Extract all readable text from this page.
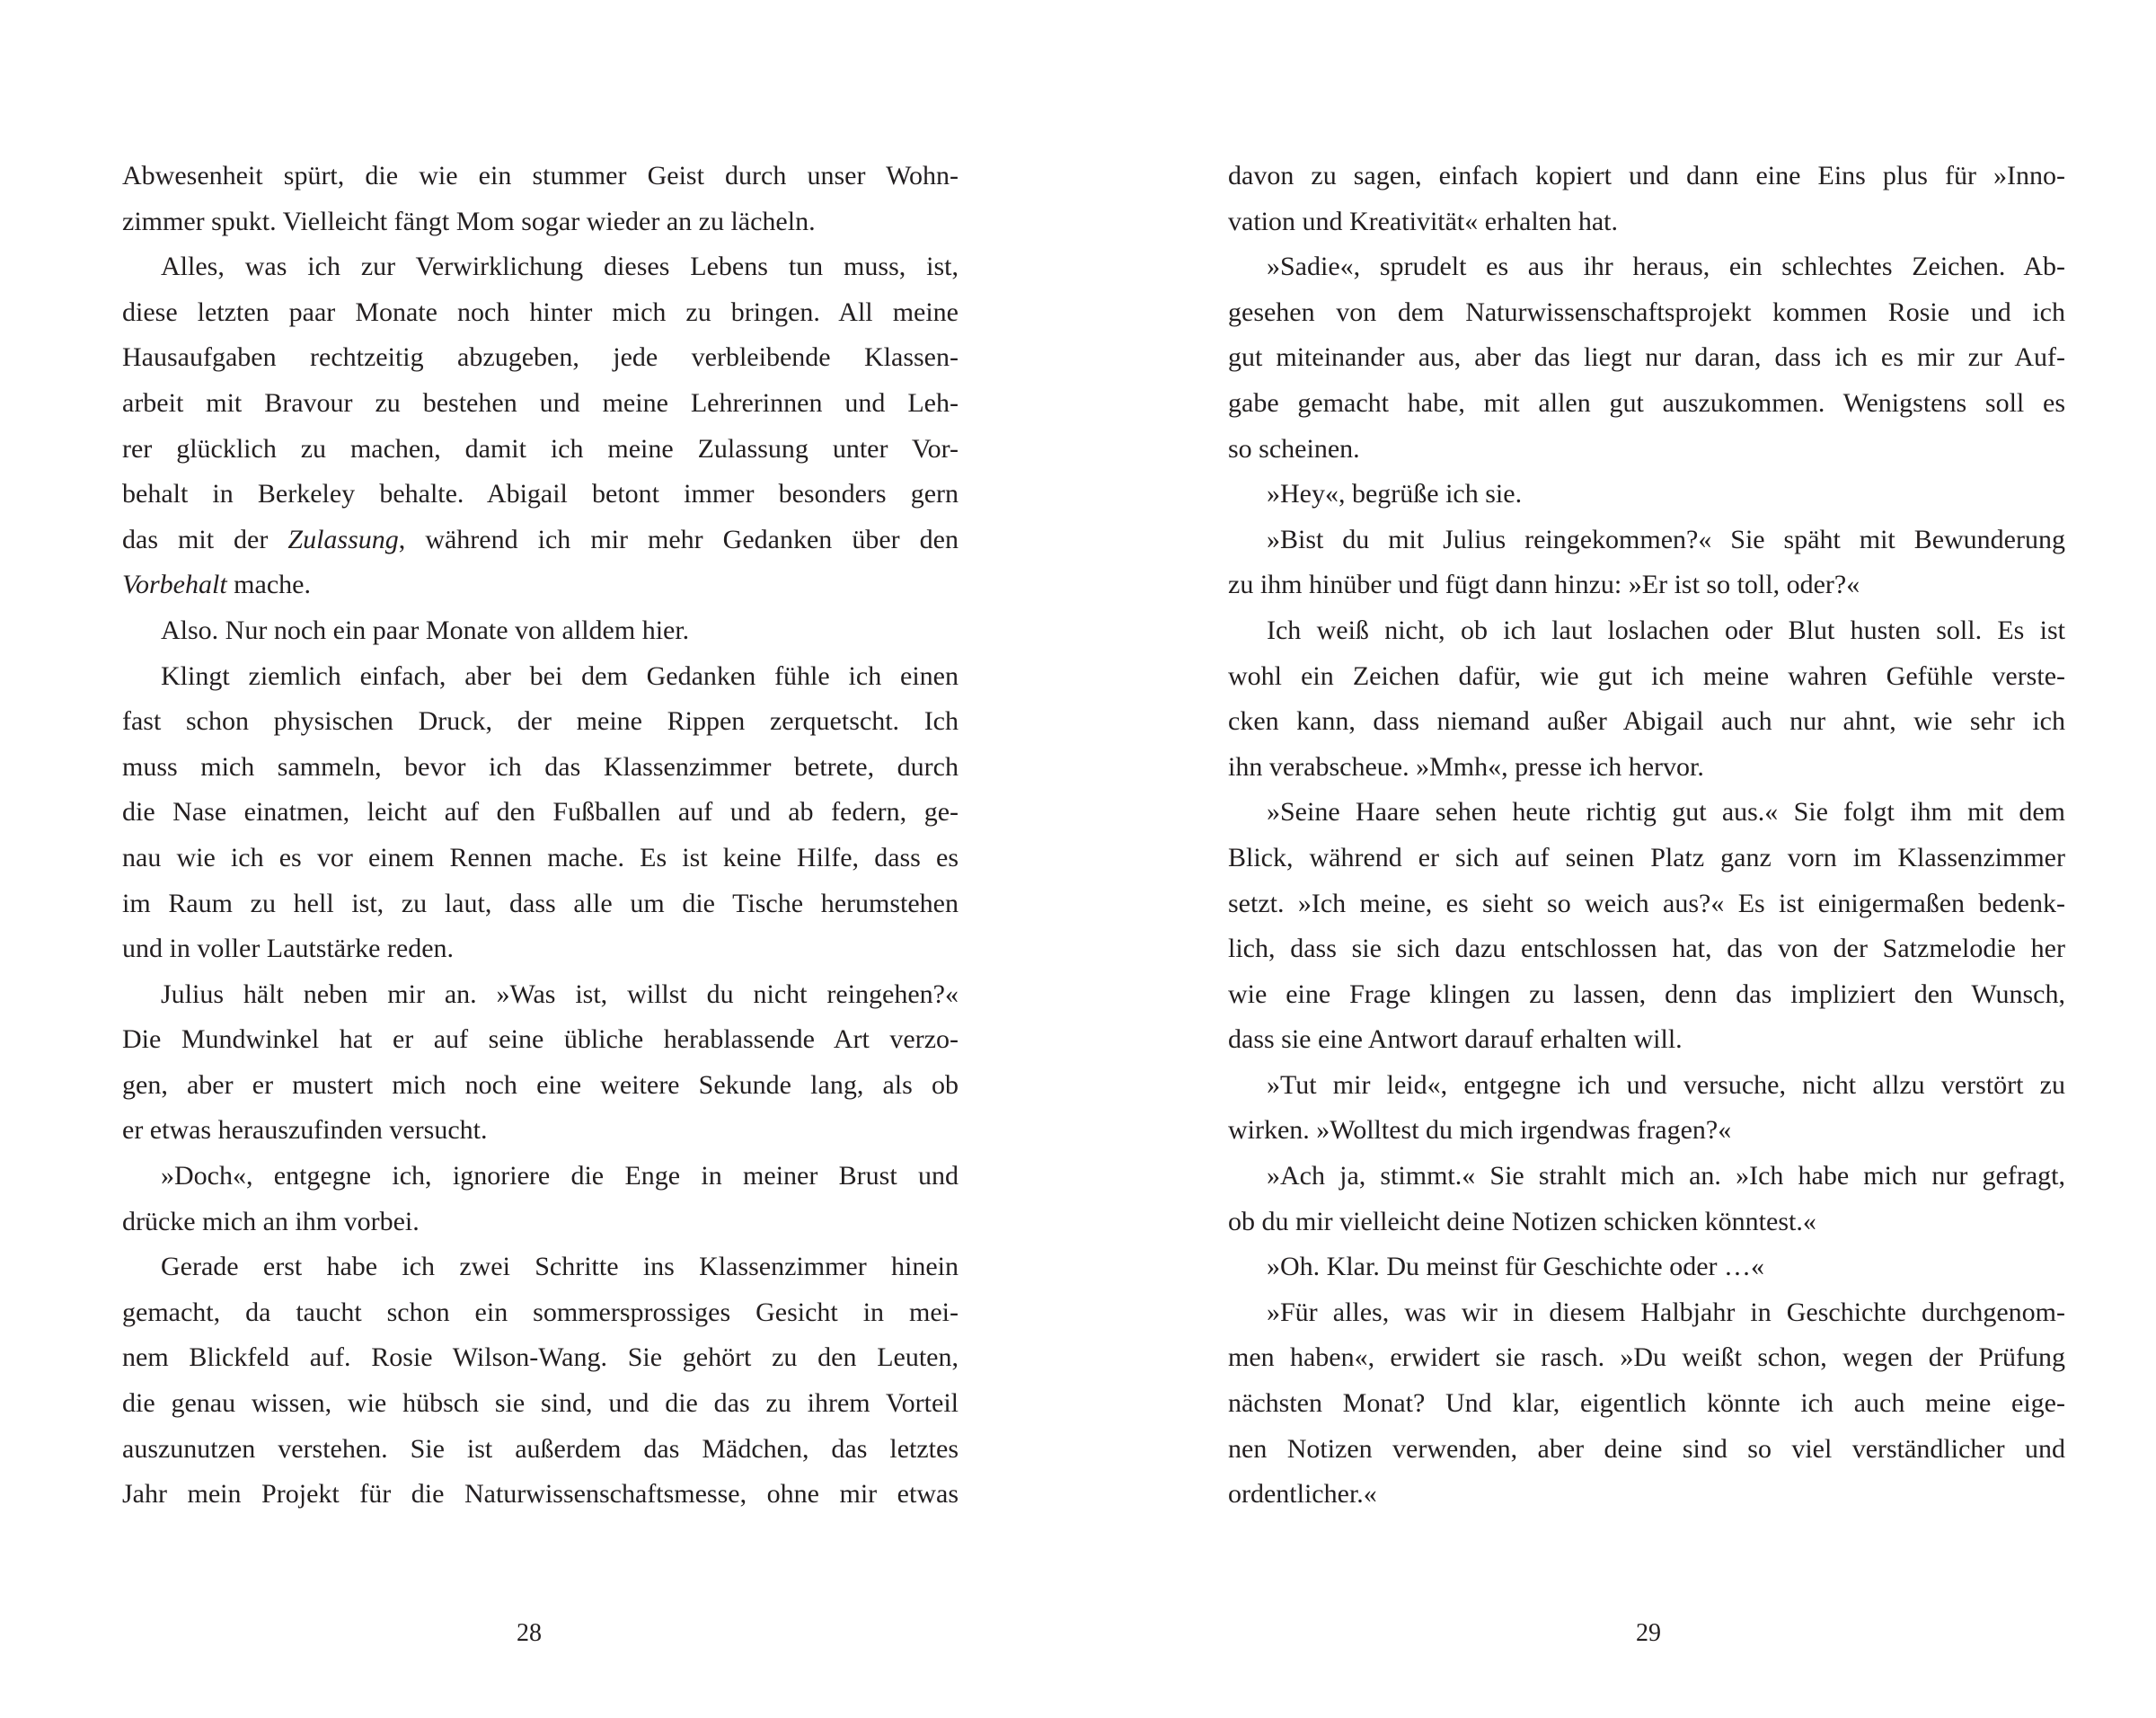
Abwesenheit spürt, die wie ein stummer Geist durch unser Wohn-
zimmer spukt. Vielleicht fängt Mom sogar wieder an zu lächeln.
Alles, was ich zur Verwirklichung dieses Lebens tun muss, ist,
diese letzten paar Monate noch hinter mich zu bringen. All meine
Hausaufgaben rechtzeitig abzugeben, jede verbleibende Klassen-
arbeit mit Bravour zu bestehen und meine Lehrerinnen und Leh-
rer glücklich zu machen, damit ich meine Zulassung unter Vor-
behalt in Berkeley behalte. Abigail betont immer besonders gern
das mit der Zulassung, während ich mir mehr Gedanken über den
Vorbehalt mache.
Also. Nur noch ein paar Monate von alldem hier.
Klingt ziemlich einfach, aber bei dem Gedanken fühle ich einen
fast schon physischen Druck, der meine Rippen zerquetscht. Ich
muss mich sammeln, bevor ich das Klassenzimmer betrete, durch
die Nase einatmen, leicht auf den Fußballen auf und ab federn, ge-
nau wie ich es vor einem Rennen mache. Es ist keine Hilfe, dass es
im Raum zu hell ist, zu laut, dass alle um die Tische herumstehen
und in voller Lautstärke reden.
Julius hält neben mir an. »Was ist, willst du nicht reingehen?«
Die Mundwinkel hat er auf seine übliche herablassende Art verzo-
gen, aber er mustert mich noch eine weitere Sekunde lang, als ob
er etwas herauszufinden versucht.
»Doch«, entgegne ich, ignoriere die Enge in meiner Brust und
drücke mich an ihm vorbei.
Gerade erst habe ich zwei Schritte ins Klassenzimmer hinein
gemacht, da taucht schon ein sommersprossiges Gesicht in mei-
nem Blickfeld auf. Rosie Wilson-Wang. Sie gehört zu den Leuten,
die genau wissen, wie hübsch sie sind, und die das zu ihrem Vorteil
auszunutzen verstehen. Sie ist außerdem das Mädchen, das letztes
Jahr mein Projekt für die Naturwissenschaftsmesse, ohne mir etwas
davon zu sagen, einfach kopiert und dann eine Eins plus für »Inno-
vation und Kreativität« erhalten hat.
»Sadie«, sprudelt es aus ihr heraus, ein schlechtes Zeichen. Ab-
gesehen von dem Naturwissenschaftsprojekt kommen Rosie und ich
gut miteinander aus, aber das liegt nur daran, dass ich es mir zur Auf-
gabe gemacht habe, mit allen gut auszukommen. Wenigstens soll es
so scheinen.
»Hey«, begrüße ich sie.
»Bist du mit Julius reingekommen?« Sie späht mit Bewunderung
zu ihm hinüber und fügt dann hinzu: »Er ist so toll, oder?«
Ich weiß nicht, ob ich laut loslachen oder Blut husten soll. Es ist
wohl ein Zeichen dafür, wie gut ich meine wahren Gefühle verste-
cken kann, dass niemand außer Abigail auch nur ahnt, wie sehr ich
ihn verabscheue. »Mmh«, presse ich hervor.
»Seine Haare sehen heute richtig gut aus.« Sie folgt ihm mit dem
Blick, während er sich auf seinen Platz ganz vorn im Klassenzimmer
setzt. »Ich meine, es sieht so weich aus?« Es ist einigermaßen bedenk-
lich, dass sie sich dazu entschlossen hat, das von der Satzmelodie her
wie eine Frage klingen zu lassen, denn das impliziert den Wunsch,
dass sie eine Antwort darauf erhalten will.
»Tut mir leid«, entgegne ich und versuche, nicht allzu verstört zu
wirken. »Wolltest du mich irgendwas fragen?«
»Ach ja, stimmt.« Sie strahlt mich an. »Ich habe mich nur gefragt,
ob du mir vielleicht deine Notizen schicken könntest.«
»Oh. Klar. Du meinst für Geschichte oder …«
»Für alles, was wir in diesem Halbjahr in Geschichte durchgenom-
men haben«, erwidert sie rasch. »Du weißt schon, wegen der Prüfung
nächsten Monat? Und klar, eigentlich könnte ich auch meine eige-
nen Notizen verwenden, aber deine sind so viel verständlicher und
ordentlicher.«
28	29
